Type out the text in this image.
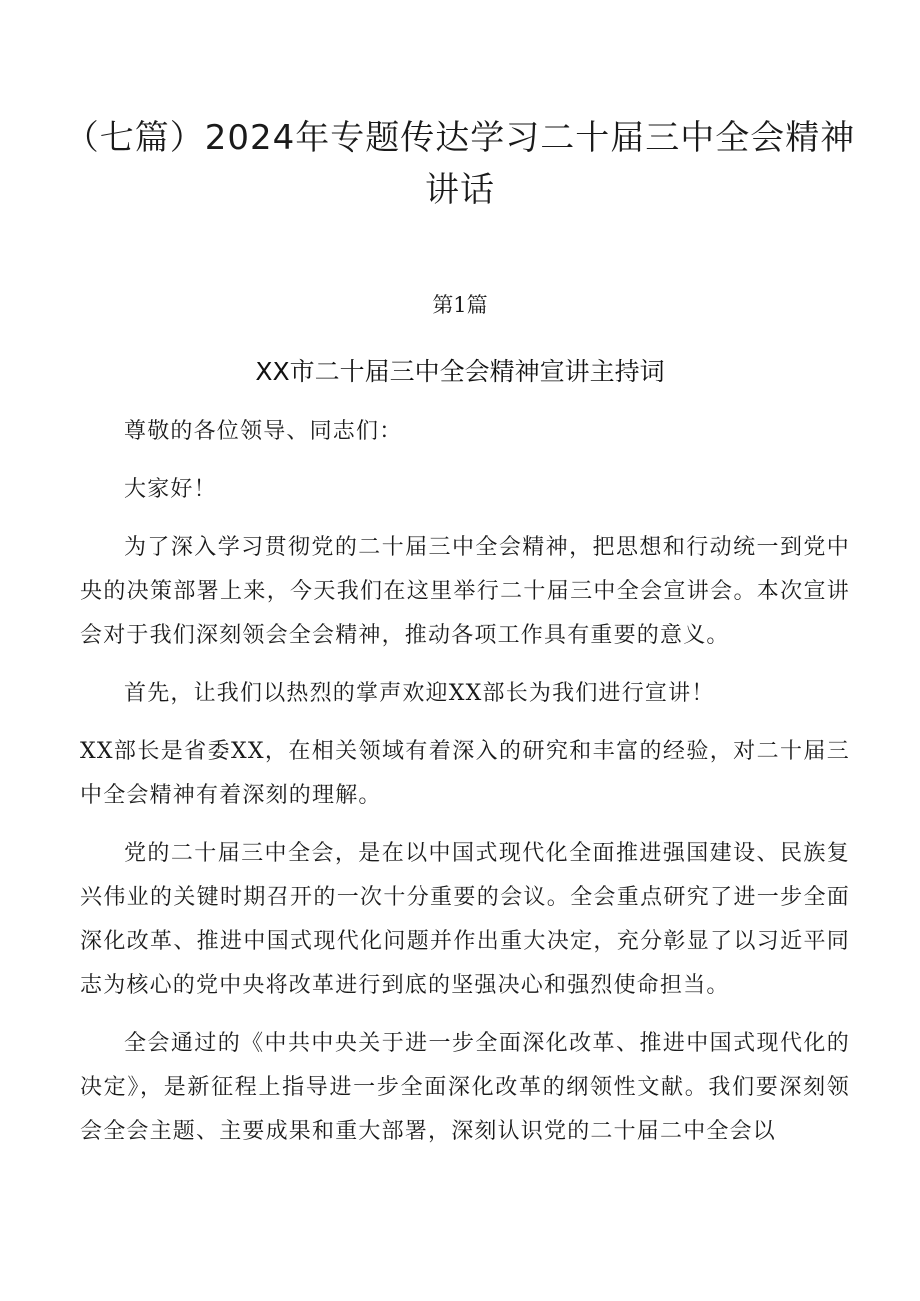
（七篇）2024年专题传达学习二十届三中全会精神讲话
第1篇
XX市二十届三中全会精神宣讲主持词

尊敬的各位领导、同志们：

大家好！

为了深入学习贯彻党的二十届三中全会精神，把思想和行动统一到党中央的决策部署上来，今天我们在这里举行二十届三中全会宣讲会。本次宣讲会对于我们深刻领会全会精神，推动各项工作具有重要的意义。

首先，让我们以热烈的掌声欢迎XX部长为我们进行宣讲！

XX部长是省委XX，在相关领域有着深入的研究和丰富的经验，对二十届三中全会精神有着深刻的理解。

党的二十届三中全会，是在以中国式现代化全面推进强国建设、民族复兴伟业的关键时期召开的一次十分重要的会议。全会重点研究了进一步全面深化改革、推进中国式现代化问题并作出重大决定，充分彰显了以习近平同志为核心的党中央将改革进行到底的坚强决心和强烈使命担当。

全会通过的《中共中央关于进一步全面深化改革、推进中国式现代化的决定》，是新征程上指导进一步全面深化改革的纲领性文献。我们要深刻领会全会主题、主要成果和重大部署，深刻认识党的二十届二中全会以
